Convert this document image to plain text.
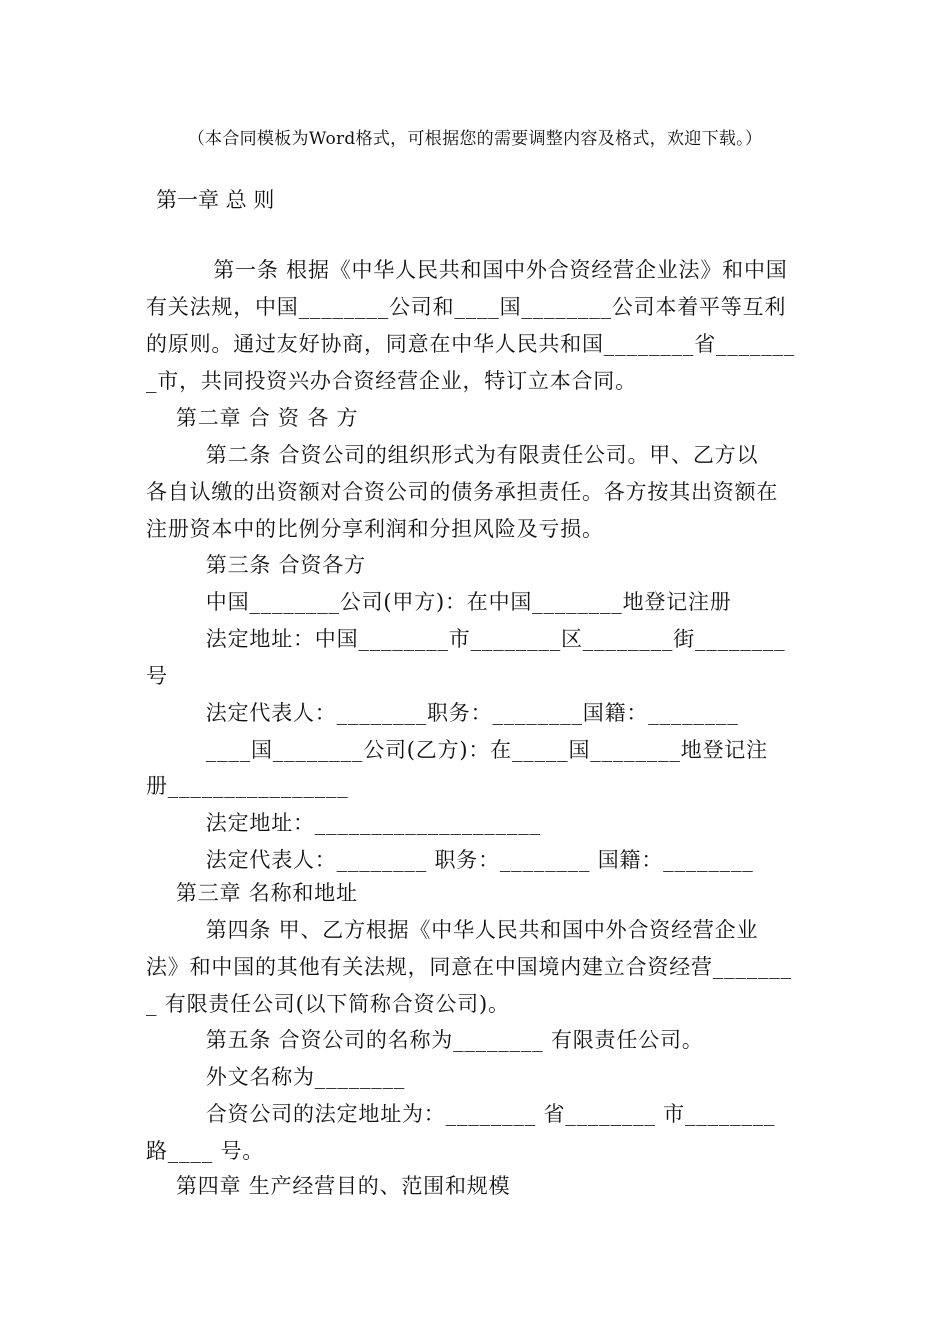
（本合同模板为Word格式，可根据您的需要调整内容及格式，欢迎下载。）
第一章 总 则
第一条 根据《中华人民共和国中外合资经营企业法》和中国
有关法规，中国________公司和____国________公司本着平等互利
的原则。通过友好协商，同意在中华人民共和国________省_______
_市，共同投资兴办合资经营企业，特订立本合同。
第二章 合 资 各 方
第二条 合资公司的组织形式为有限责任公司。甲、乙方以
各自认缴的出资额对合资公司的债务承担责任。各方按其出资额在
注册资本中的比例分享利润和分担风险及亏损。
第三条 合资各方
中国________公司(甲方)：在中国________地登记注册
法定地址：中国________市________区________街________
号
法定代表人：________职务：________国籍：________
____国________公司(乙方)：在_____国________地登记注
册________________
法定地址：____________________
法定代表人：________ 职务：________ 国籍：________
第三章 名称和地址
第四条 甲、乙方根据《中华人民共和国中外合资经营企业
法》和中国的其他有关法规，同意在中国境内建立合资经营_______
_ 有限责任公司(以下简称合资公司)。
第五条 合资公司的名称为________ 有限责任公司。
外文名称为________
合资公司的法定地址为：________ 省________ 市________
路____ 号。
第四章 生产经营目的、范围和规模
